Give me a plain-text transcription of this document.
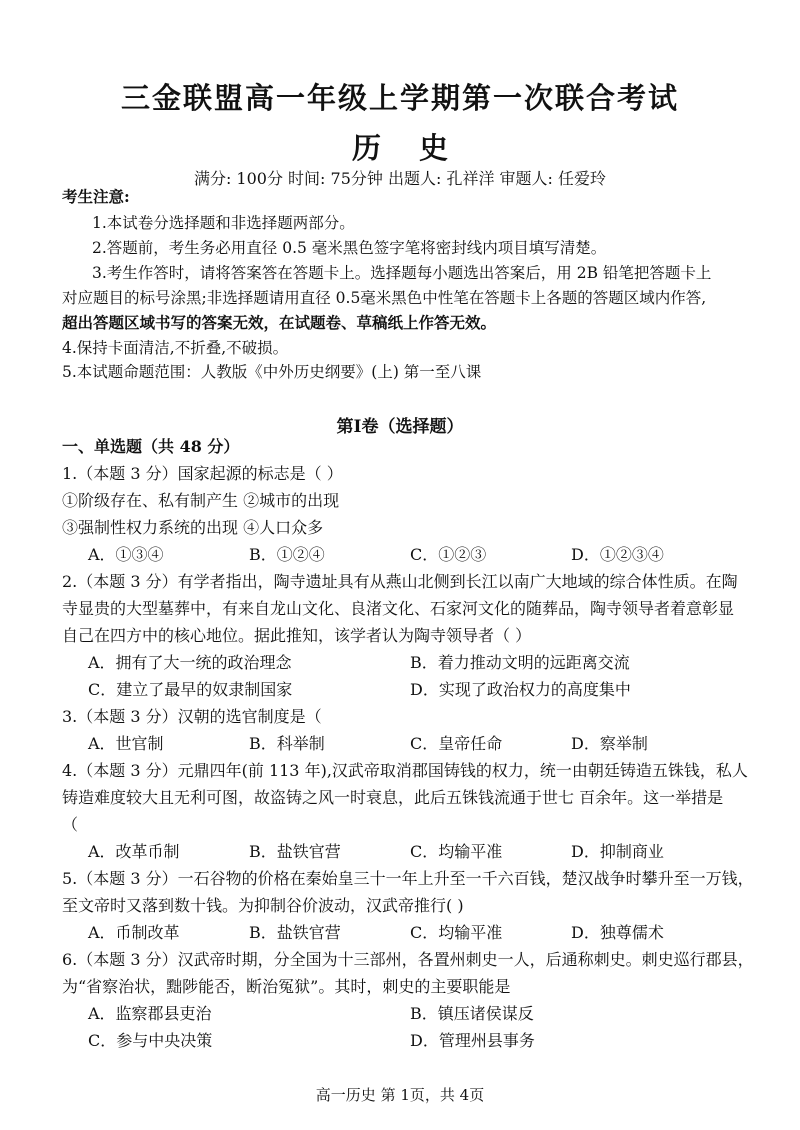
三金联盟高一年级上学期第一次联合考试
历史
满分: 100分 时间: 75分钟 出题人: 孔祥洋 审题人: 任爱玲
考生注意:
1.本试卷分选择题和非选择题两部分。
2.答题前，考生务必用直径 0.5 毫米黑色签字笔将密封线内项目填写清楚。
3.考生作答时，请将答案答在答题卡上。选择题每小题选出答案后，用 2B 铅笔把答题卡上
对应题目的标号涂黑;非选择题请用直径 0.5毫米黑色中性笔在答题卡上各题的答题区域内作答,
超出答题区域书写的答案无效，在试题卷、草稿纸上作答无效。
4.保持卡面清洁,不折叠,不破损。
5.本试题命题范围：人教版《中外历史纲要》(上) 第一至八课
第Ⅰ卷（选择题）

一、单选题（共 48 分）

1.（本题 3 分）国家起源的标志是（ ）

①阶级存在、私有制产生 ②城市的出现

③强制性权力系统的出现 ④人口众多

A．①③④	B．①②④	C．①②③	D．①②③④

2.（本题 3 分）有学者指出，陶寺遗址具有从燕山北侧到长江以南广大地域的综合体性质。在陶

寺显贵的大型墓葬中，有来自龙山文化、良渚文化、石家河文化的随葬品，陶寺领导者着意彰显

自己在四方中的核心地位。据此推知，该学者认为陶寺领导者（ ）

A．拥有了大一统的政治理念	B．着力推动文明的远距离交流

C．建立了最早的奴隶制国家	D．实现了政治权力的高度集中

3.（本题 3 分）汉朝的选官制度是（

A．世官制	B．科举制	C．皇帝任命	D．察举制

4.（本题 3 分）元鼎四年(前 113 年),汉武帝取消郡国铸钱的权力，统一由朝廷铸造五铢钱，私人

铸造难度较大且无利可图，故盗铸之风一时衰息，此后五铢钱流通于世七 百余年。这一举措是

（

A．改革币制	B．盐铁官营	C．均输平准	D．抑制商业

5.（本题 3 分）一石谷物的价格在秦始皇三十一年上升至一千六百钱，楚汉战争时攀升至一万钱，

至文帝时又落到数十钱。为抑制谷价波动，汉武帝推行( )

A．币制改革	B．盐铁官营	C．均输平准	D．独尊儒术

6.（本题 3 分）汉武帝时期，分全国为十三部州，各置州刺史一人，后通称刺史。刺史巡行郡县，

为“省察治状，黜陟能否，断治冤狱”。其时，刺史的主要职能是

A．监察郡县吏治	B．镇压诸侯谋反

C．参与中央决策	D．管理州县事务

高一历史 第 1页，共 4页
